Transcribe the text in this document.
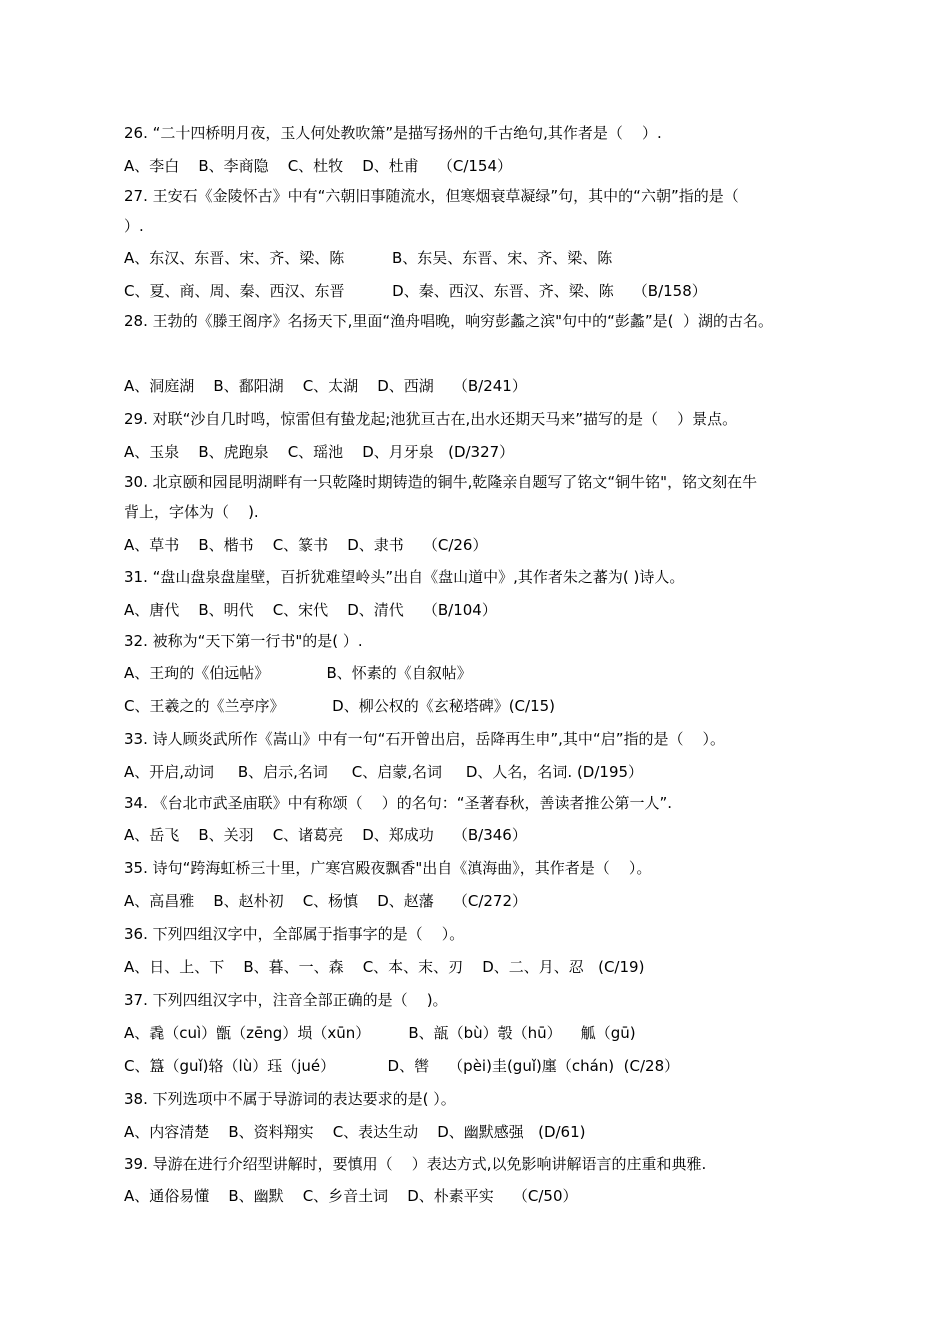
26. “二十四桥明月夜，玉人何处教吹箫”是描写扬州的千古绝句,其作者是（    ）.

A、李白    B、李商隐    C、杜牧    D、杜甫    （C/154）

27. 王安石《金陵怀古》中有“六朝旧事随流水，但寒烟衰草凝绿”句，其中的“六朝”指的是（

）.

A、东汉、东晋、宋、齐、梁、陈          B、东吴、东晋、宋、齐、梁、陈

C、夏、商、周、秦、西汉、东晋          D、秦、西汉、东晋、齐、梁、陈    （B/158）

28. 王勃的《滕王阁序》名扬天下,里面“渔舟唱晚，响穷彭蠡之滨"句中的“彭蠡”是(  ）湖的古名。

A、洞庭湖    B、鄱阳湖    C、太湖    D、西湖    （B/241）

29. 对联“沙自几时鸣，惊雷但有蛰龙起;池犹亘古在,出水还期天马来”描写的是（    ）景点。

A、玉泉    B、虎跑泉    C、瑶池    D、月牙泉   (D/327）

30. 北京颐和园昆明湖畔有一只乾隆时期铸造的铜牛,乾隆亲自题写了铭文“铜牛铭"，铭文刻在牛

背上，字体为（    ).

A、草书    B、楷书    C、篆书    D、隶书    （C/26）

31. “盘山盘泉盘崖壁，百折犹难望岭头”出自《盘山道中》,其作者朱之蕃为( )诗人。

A、唐代    B、明代    C、宋代    D、清代    （B/104）

32. 被称为“天下第一行书"的是( ）.

A、王珣的《伯远帖》            B、怀素的《自叙帖》

C、王羲之的《兰亭序》          D、柳公权的《玄秘塔碑》(C/15)

33. 诗人顾炎武所作《嵩山》中有一句“石开曾出启，岳降再生申”,其中“启”指的是（    ）。

A、开启,动词     B、启示,名词     C、启蒙,名词     D、人名，名词. (D/195）

34. 《台北市武圣庙联》中有称颂（    ）的名句：“圣著春秋，善读者推公第一人”.

A、岳飞    B、关羽    C、诸葛亮    D、郑成功    （B/346）

35. 诗句“跨海虹桥三十里，广寒宫殿夜飘香"出自《滇海曲》，其作者是（    ）。

A、高昌雅    B、赵朴初    C、杨慎    D、赵藩    （C/272）

36. 下列四组汉字中，全部属于指事字的是（    ）。

A、日、上、下    B、暮、一、森    C、本、末、刃    D、二、月、忍   (C/19)

37. 下列四组汉字中，注音全部正确的是（    )。

A、毳（cuì）甑（zēng）埙（xūn）        B、瓿（bù）彀（hū）    觚（gū)

C、簋（guǐ)辂（lù）珏（jué）           D、辔    （pèi)圭(guǐ)廛（chán)  (C/28）

38. 下列选项中不属于导游词的表达要求的是( ）。

A、内容清楚    B、资料翔实    C、表达生动    D、幽默感强   (D/61)

39. 导游在进行介绍型讲解时，要慎用（    ）表达方式,以免影响讲解语言的庄重和典雅.

A、通俗易懂    B、幽默    C、乡音土词    D、朴素平实    （C/50）
